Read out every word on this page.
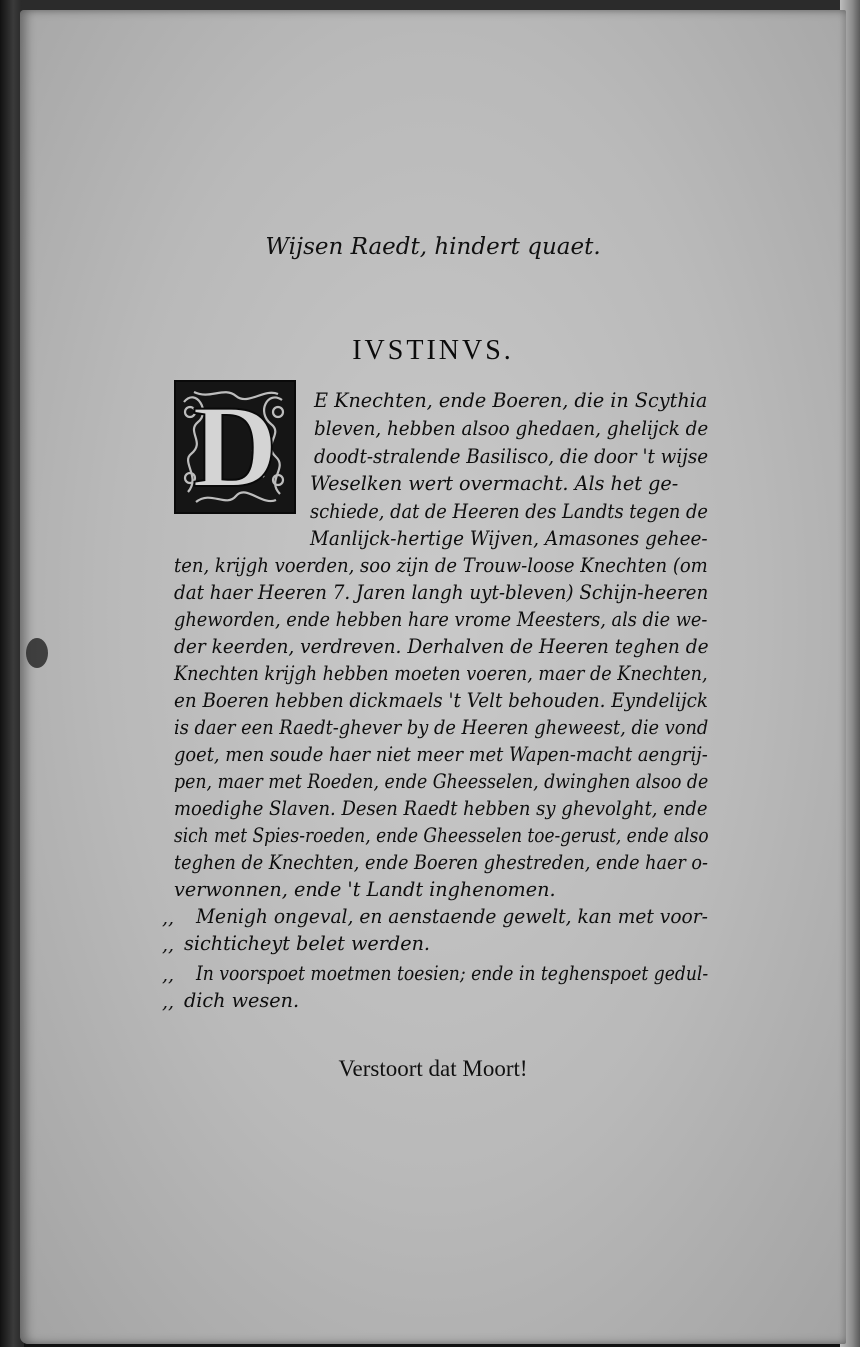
Wijsen Raedt, hindert quaet.
IVSTINVS.
D E Knechten, ende Boeren, die in Scythia
bleven, hebben alsoo ghedaen, ghelijck de
doodt-stralende Basilisco, die door 't wijse
Weselken wert overmacht. Als het ge-
schiede, dat de Heeren des Landts tegen de
Manlijck-hertige Wijven, Amasones gehee-
ten, krijgh voerden, soo zijn de Trouw-loose Knechten (om
dat haer Heeren 7. Jaren langh uyt-bleven) Schijn-heeren
gheworden, ende hebben hare vrome Meesters, als die we-
der keerden, verdreven. Derhalven de Heeren teghen de
Knechten krijgh hebben moeten voeren, maer de Knechten,
en Boeren hebben dickmaels 't Velt behouden. Eyndelijck
is daer een Raedt-ghever by de Heeren gheweest, die vond
goet, men soude haer niet meer met Wapen-macht aengrij-
pen, maer met Roeden, ende Gheesselen, dwinghen alsoo de
moedighe Slaven. Desen Raedt hebben sy ghevolght, ende
sich met Spies-roeden, ende Gheesselen toe-gerust, ende also
teghen de Knechten, ende Boeren ghestreden, ende haer o-
verwonnen, ende 't Landt inghenomen.
,, Menigh ongeval, en aenstaende gewelt, kan met voor-
,, sichticheyt belet werden.
,, In voorspoet moetmen toesien; ende in teghenspoet gedul-
,, dich wesen.
Verstoort dat Moort!
